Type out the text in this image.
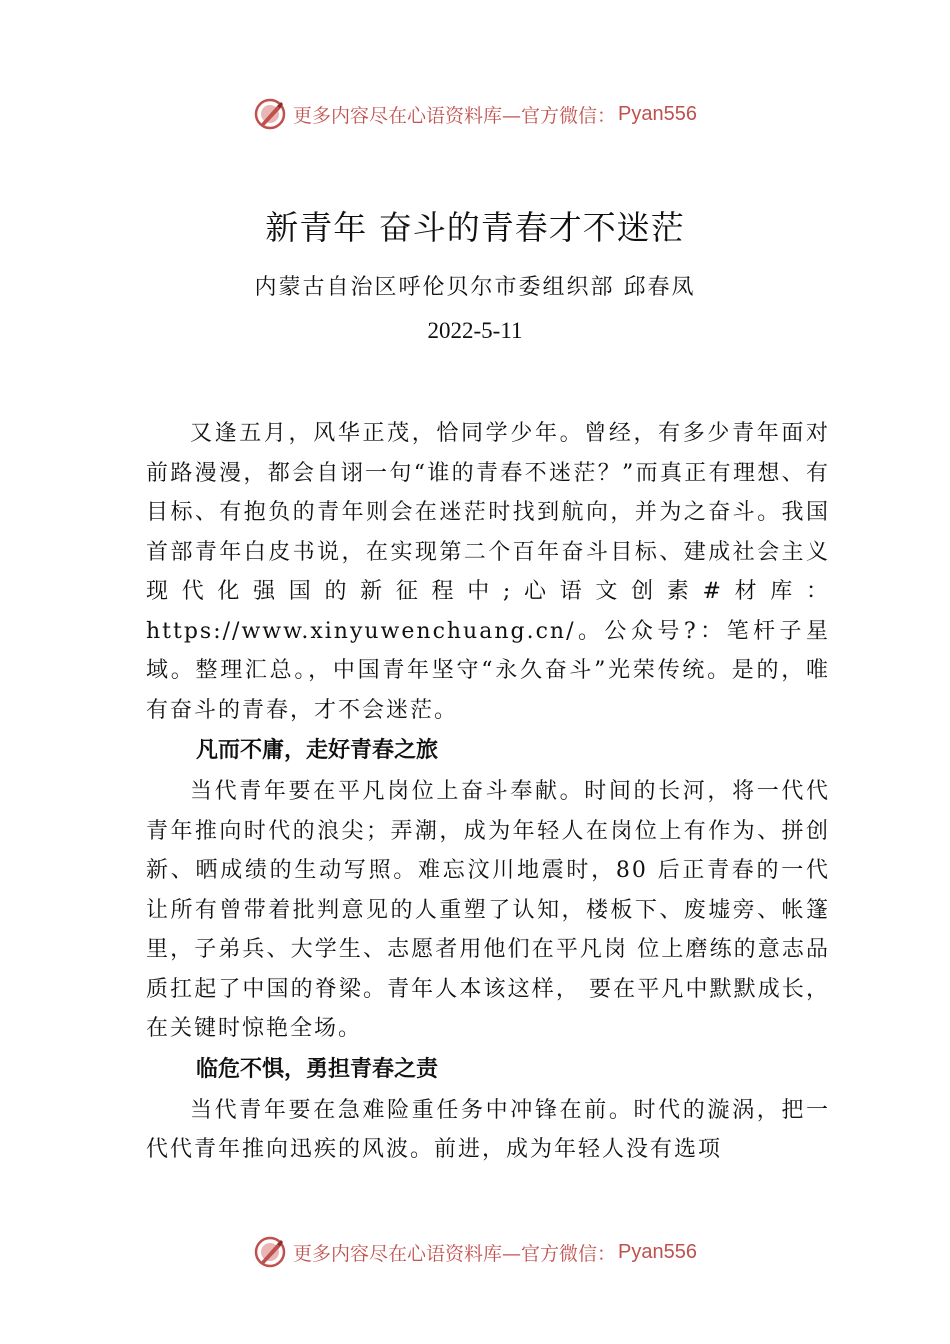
更多内容尽在心语资料库—官方微信： Pyan556
新青年 奋斗的青春才不迷茫
内蒙古自治区呼伦贝尔市委组织部 邱春凤
2022-5-11

又逢五月，风华正茂，恰同学少年。曾经，有多少青年面对前路漫漫，都会自诩一句“谁的青春不迷茫？”而真正有理想、有目标、有抱负的青年则会在迷茫时找到航向，并为之奋斗。我国首部青年白皮书说，在实现第二个百年奋斗目标、建成社会主义现代化强国的新征程中;心语文创素#材库：https://www.xinyuwenchuang.cn/。公众号?：笔杆子星域。整理汇总。，中国青年坚守“永久奋斗”光荣传统。是的，唯有奋斗的青春，才不会迷茫。

凡而不庸，走好青春之旅

当代青年要在平凡岗位上奋斗奉献。时间的长河，将一代代青年推向时代的浪尖；弄潮，成为年轻人在岗位上有作为、拼创新、晒成绩的生动写照。难忘汶川地震时，80 后正青春的一代让所有曾带着批判意见的人重塑了认知，楼板下、废墟旁、帐篷里，子弟兵、大学生、志愿者用他们在平凡岗 位上磨练的意志品质扛起了中国的脊梁。青年人本该这样， 要在平凡中默默成长，在关键时惊艳全场。

临危不惧，勇担青春之责

当代青年要在急难险重任务中冲锋在前。时代的漩涡，把一代代青年推向迅疾的风波。前进，成为年轻人没有选项

更多内容尽在心语资料库—官方微信： Pyan556
